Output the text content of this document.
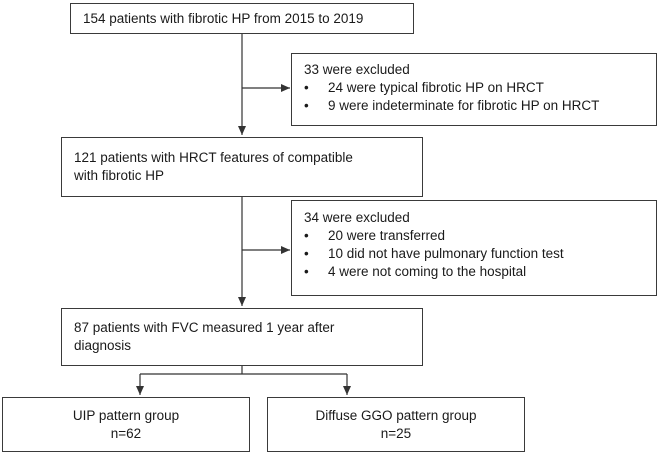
154 patients with fibrotic HP from 2015 to 2019

33 were excluded

• 24 were typical fibrotic HP on HRCT
• 9 were indeterminate for fibrotic HP on HRCT

121 patients with HRCT features of compatible

with fibrotic HP

34 were excluded

• 20 were transferred
• 10 did not have pulmonary function test
• 4 were not coming to the hospital

87 patients with FVC measured 1 year after

diagnosis

UIP pattern group

n=62

Diffuse GGO pattern group

n=25
